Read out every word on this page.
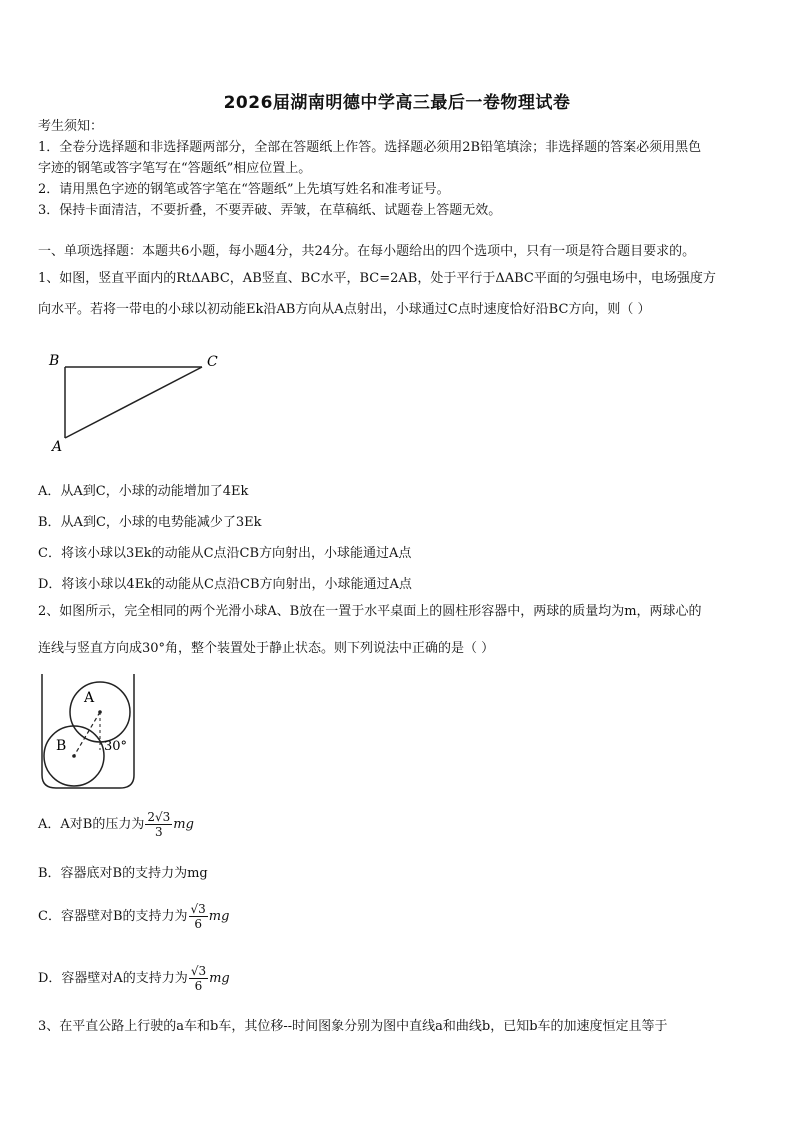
2026届湖南明德中学高三最后一卷物理试卷
考生须知：
1．全卷分选择题和非选择题两部分，全部在答题纸上作答。选择题必须用2B铅笔填涂；非选择题的答案必须用黑色
字迹的钢笔或答字笔写在“答题纸”相应位置上。
2．请用黑色字迹的钢笔或答字笔在“答题纸”上先填写姓名和准考证号。
3．保持卡面清洁，不要折叠，不要弄破、弄皱，在草稿纸、试题卷上答题无效。
一、单项选择题：本题共6小题，每小题4分，共24分。在每小题给出的四个选项中，只有一项是符合题目要求的。
1、如图，竖直平面内的RtΔABC，AB竖直、BC水平，BC=2AB，处于平行于ΔABC平面的匀强电场中，电场强度方
向水平。若将一带电的小球以初动能Ek沿AB方向从A点射出，小球通过C点时速度恰好沿BC方向，则（ ）
B	C
A
A．从A到C，小球的动能增加了4Ek
B．从A到C，小球的电势能减少了3Ek
C．将该小球以3Ek的动能从C点沿CB方向射出，小球能通过A点
D．将该小球以4Ek的动能从C点沿CB方向射出，小球能通过A点
2、如图所示，完全相同的两个光滑小球A、B放在一置于水平桌面上的圆柱形容器中，两球的质量均为m，两球心的
连线与竖直方向成30°角，整个装置处于静止状态。则下列说法中正确的是（ ）
A
B	30°
A．A对B的压力为 $\frac{2√3}{3}$ mg
B．容器底对B的支持力为mg
C．容器壁对B的支持力为 $\frac{√3}{6}$ mg
D．容器壁对A的支持力为 $\frac{√3}{6}$ mg
3、在平直公路上行驶的a车和b车，其位移--时间图象分别为图中直线a和曲线b，已知b车的加速度恒定且等于
